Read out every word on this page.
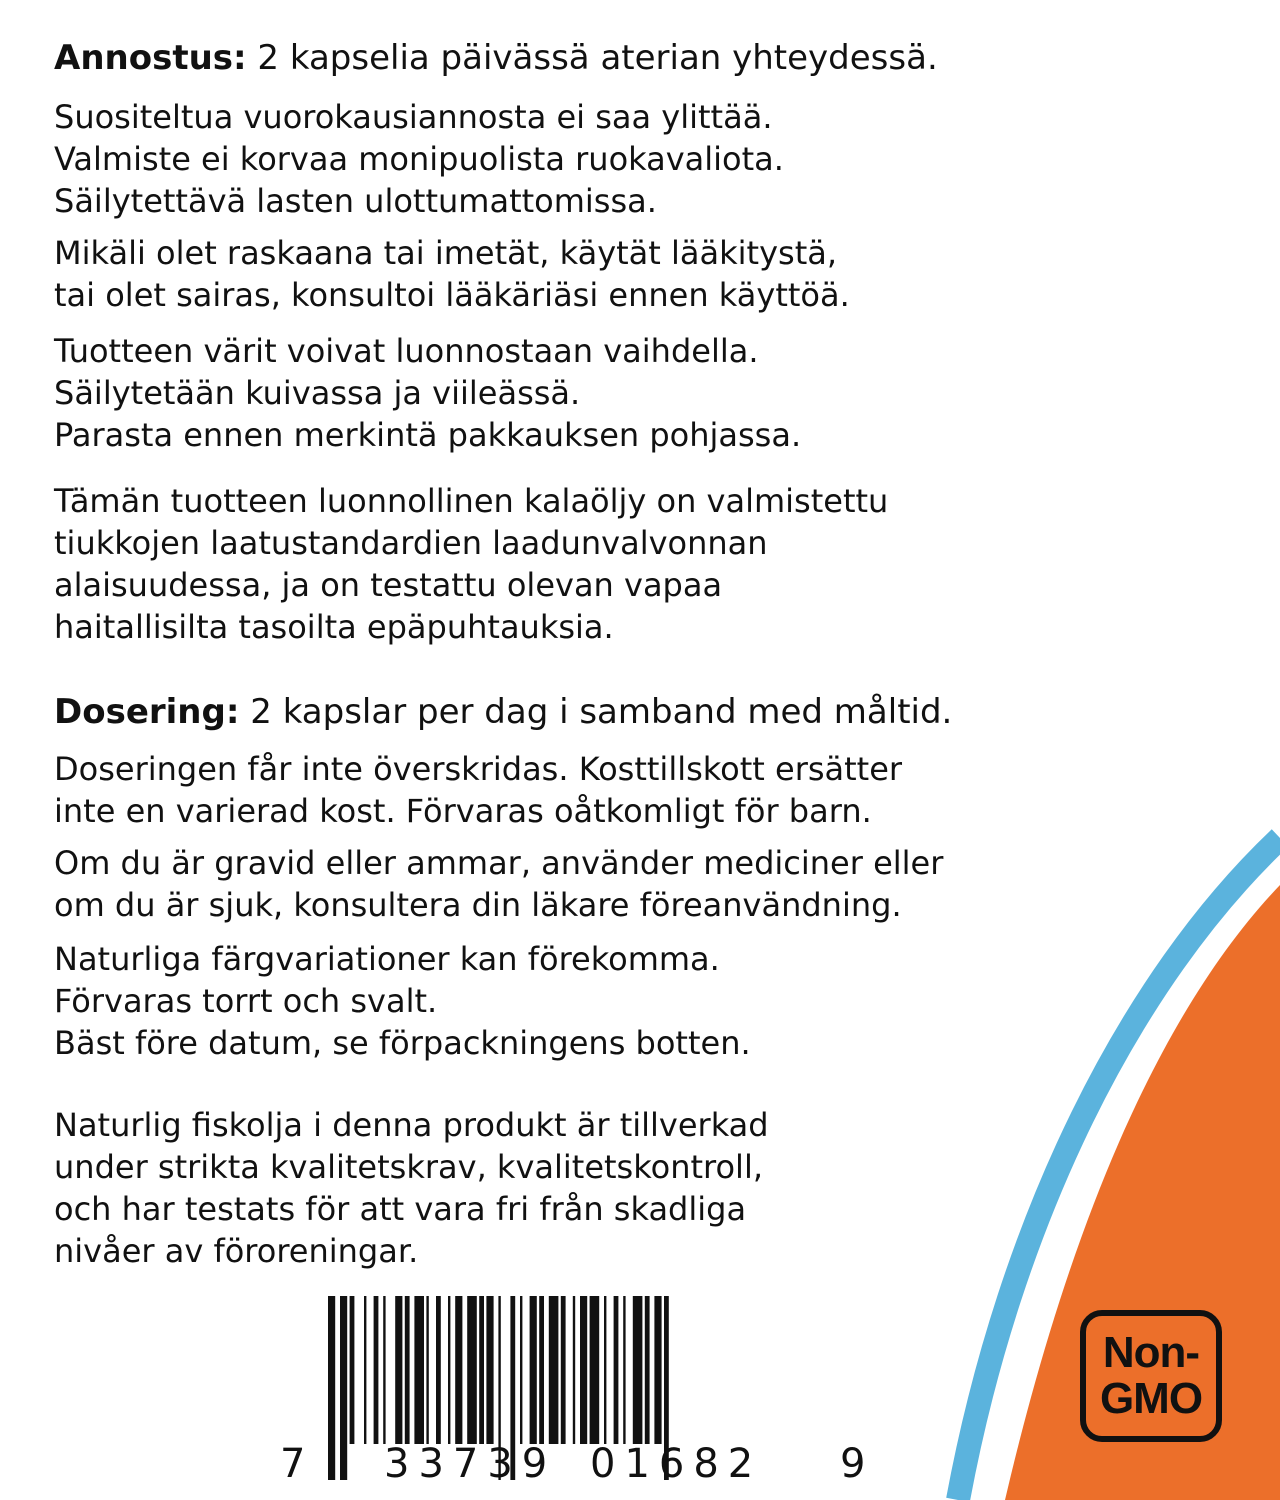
Annostus: 2 kapselia päivässä aterian yhteydessä.
Suositeltua vuorokausiannosta ei saa ylittää.
Valmiste ei korvaa monipuolista ruokavaliota.
Säilytettävä lasten ulottumattomissa.
Mikäli olet raskaana tai imetät, käytät lääkitystä,
tai olet sairas, konsultoi lääkäriäsi ennen käyttöä.
Tuotteen värit voivat luonnostaan vaihdella.
Säilytetään kuivassa ja viileässä.
Parasta ennen merkintä pakkauksen pohjassa.
Tämän tuotteen luonnollinen kalaöljy on valmistettu
tiukkojen laatustandardien laadunvalvonnan
alaisuudessa, ja on testattu olevan vapaa
haitallisilta tasoilta epäpuhtauksia.
Dosering: 2 kapslar per dag i samband med måltid.
Doseringen får inte överskridas. Kosttillskott ersätter
inte en varierad kost. Förvaras oåtkomligt för barn.
Om du är gravid eller ammar, använder mediciner eller
om du är sjuk, konsultera din läkare föreanvändning.
Naturliga färgvariationer kan förekomma.
Förvaras torrt och svalt.
Bäst före datum, se förpackningens botten.
Naturlig fiskolja i denna produkt är tillverkad
under strikta kvalitetskrav, kvalitetskontroll,
och har testats för att vara fri från skadliga
nivåer av föroreningar.
7 33739 01682 9
Non-
GMO
